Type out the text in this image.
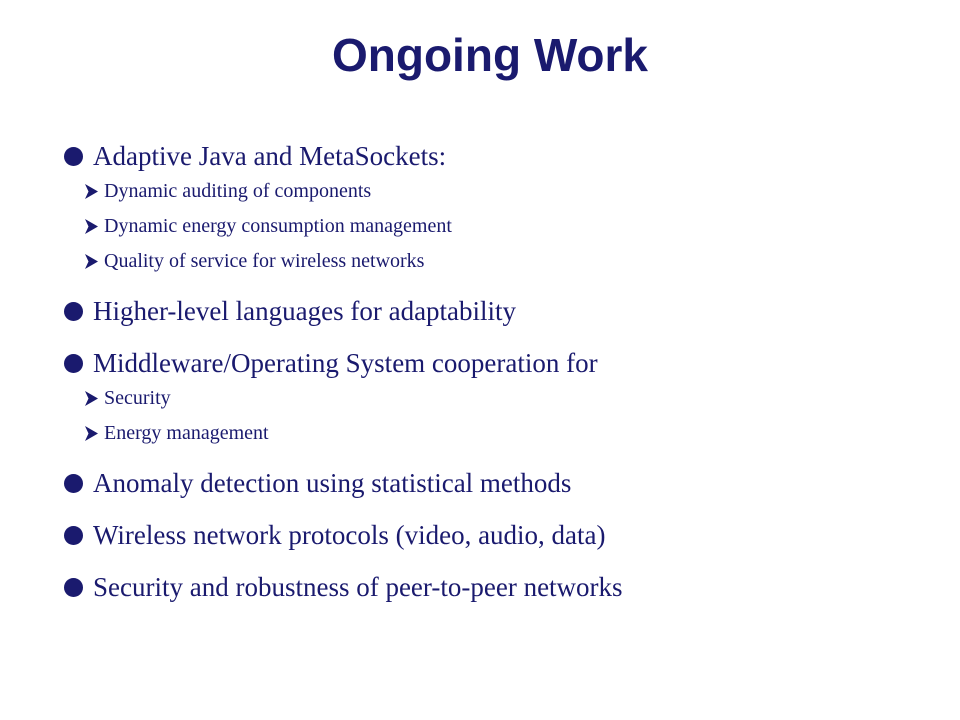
Ongoing Work
Adaptive Java and MetaSockets:
Dynamic auditing of components
Dynamic energy consumption management
Quality of service for wireless networks
Higher-level languages for adaptability
Middleware/Operating System cooperation for
Security
Energy management
Anomaly detection using statistical methods
Wireless network protocols (video, audio, data)
Security and robustness of peer-to-peer networks
